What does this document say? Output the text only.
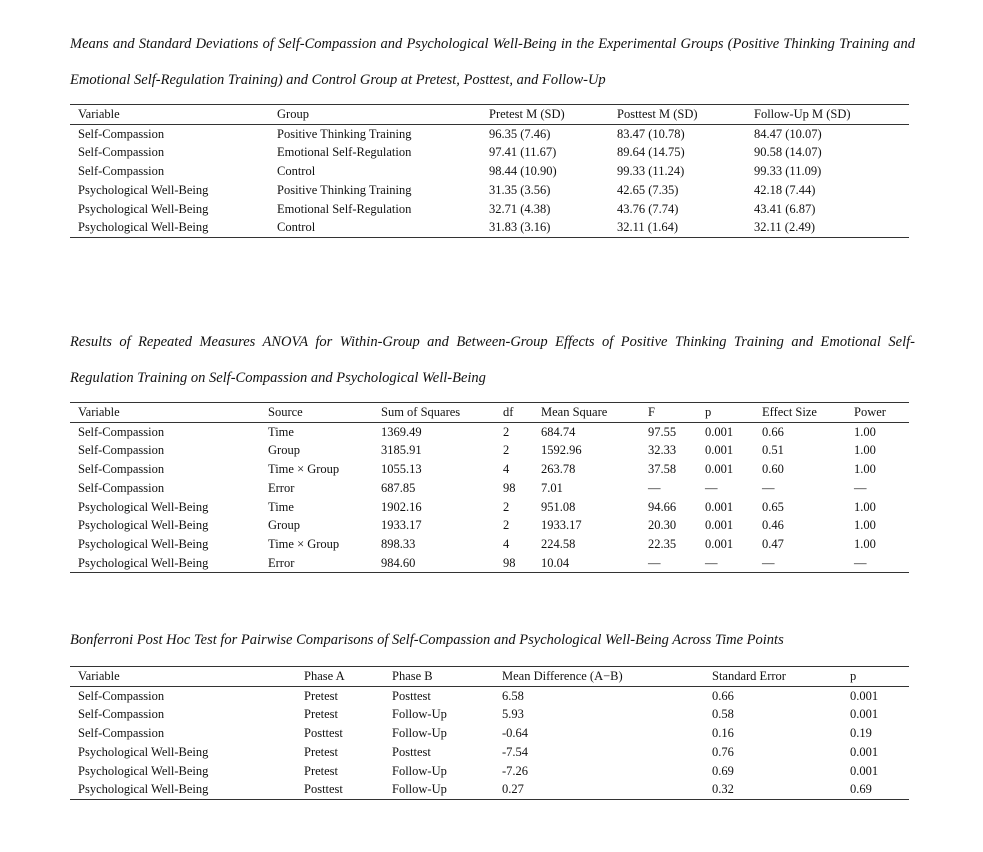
Means and Standard Deviations of Self-Compassion and Psychological Well-Being in the Experimental Groups (Positive Thinking Training and Emotional Self-Regulation Training) and Control Group at Pretest, Posttest, and Follow-Up
Variable	Group	Pretest M (SD)	Posttest M (SD)	Follow-Up M (SD)
Self-Compassion	Positive Thinking Training	96.35 (7.46)	83.47 (10.78)	84.47 (10.07)
Self-Compassion	Emotional Self-Regulation	97.41 (11.67)	89.64 (14.75)	90.58 (14.07)
Self-Compassion	Control	98.44 (10.90)	99.33 (11.24)	99.33 (11.09)
Psychological Well-Being	Positive Thinking Training	31.35 (3.56)	42.65 (7.35)	42.18 (7.44)
Psychological Well-Being	Emotional Self-Regulation	32.71 (4.38)	43.76 (7.74)	43.41 (6.87)
Psychological Well-Being	Control	31.83 (3.16)	32.11 (1.64)	32.11 (2.49)
Results of Repeated Measures ANOVA for Within-Group and Between-Group Effects of Positive Thinking Training and Emotional Self-Regulation Training on Self-Compassion and Psychological Well-Being
Variable	Source	Sum of Squares	df	Mean Square	F	p	Effect Size	Power
Self-Compassion	Time	1369.49	2	684.74	97.55	0.001	0.66	1.00
Self-Compassion	Group	3185.91	2	1592.96	32.33	0.001	0.51	1.00
Self-Compassion	Time × Group	1055.13	4	263.78	37.58	0.001	0.60	1.00
Self-Compassion	Error	687.85	98	7.01	—	—	—	—
Psychological Well-Being	Time	1902.16	2	951.08	94.66	0.001	0.65	1.00
Psychological Well-Being	Group	1933.17	2	1933.17	20.30	0.001	0.46	1.00
Psychological Well-Being	Time × Group	898.33	4	224.58	22.35	0.001	0.47	1.00
Psychological Well-Being	Error	984.60	98	10.04	—	—	—	—
Bonferroni Post Hoc Test for Pairwise Comparisons of Self-Compassion and Psychological Well-Being Across Time Points
Variable	Phase A	Phase B	Mean Difference (A−B)	Standard Error	p
Self-Compassion	Pretest	Posttest	6.58	0.66	0.001
Self-Compassion	Pretest	Follow-Up	5.93	0.58	0.001
Self-Compassion	Posttest	Follow-Up	-0.64	0.16	0.19
Psychological Well-Being	Pretest	Posttest	-7.54	0.76	0.001
Psychological Well-Being	Pretest	Follow-Up	-7.26	0.69	0.001
Psychological Well-Being	Posttest	Follow-Up	0.27	0.32	0.69
